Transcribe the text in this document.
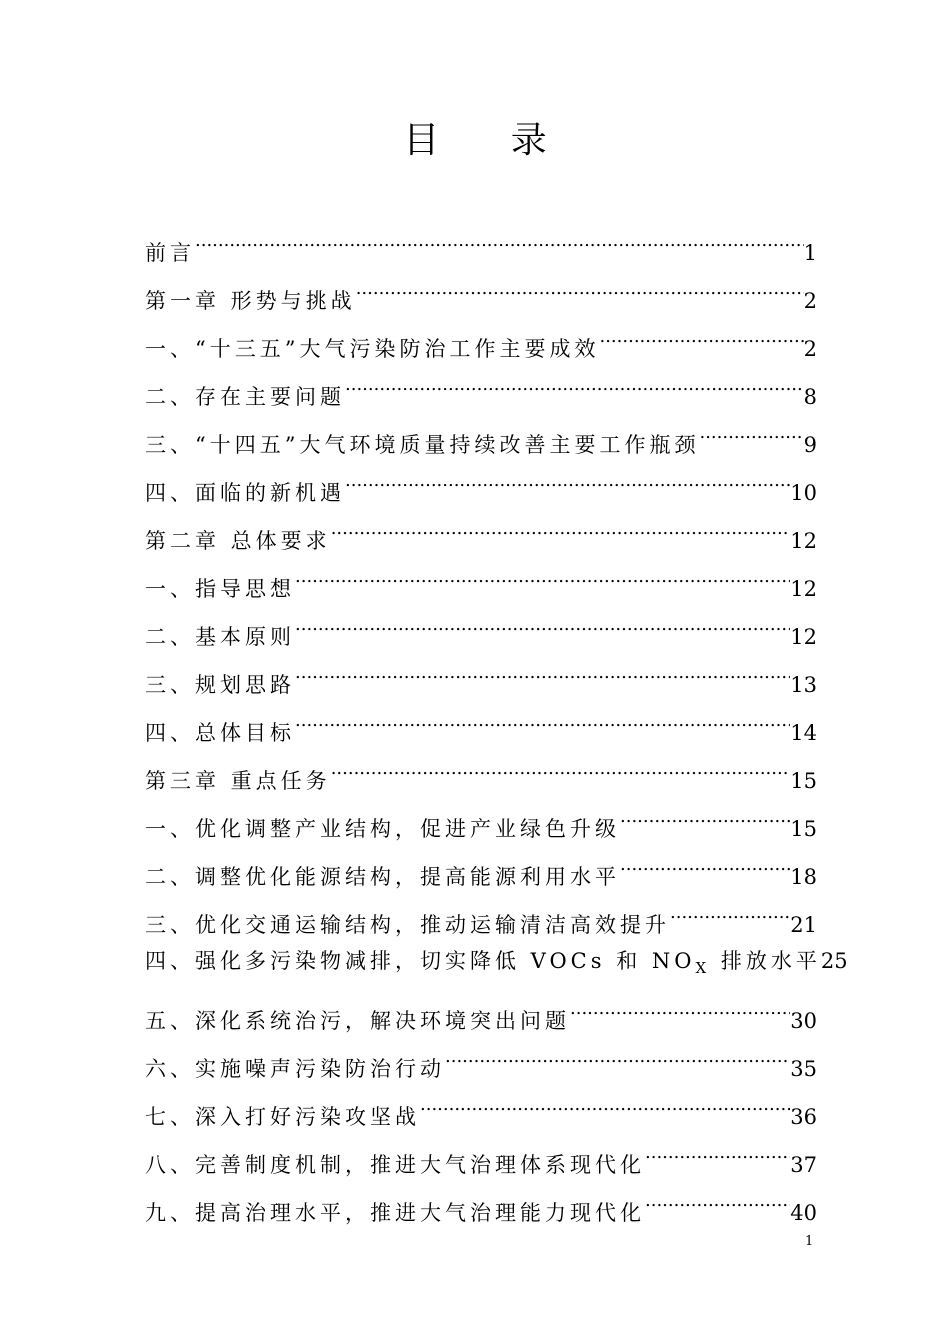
目 录
前言 .....	1
第一章 形势与挑战 .....	2
一、“十三五”大气污染防治工作主要成效 .....	2
二、存在主要问题 .....	8
三、“十四五”大气环境质量持续改善主要工作瓶颈 .....	9
四、面临的新机遇 .....	10
第二章 总体要求 .....	12
一、指导思想 .....	12
二、基本原则 .....	12
三、规划思路 .....	13
四、总体目标 .....	14
第三章 重点任务 .....	15
一、优化调整产业结构，促进产业绿色升级 .....	15
二、调整优化能源结构，提高能源利用水平 .....	18
三、优化交通运输结构，推动运输清洁高效提升 .....	21
四、强化多污染物减排，切实降低 VOCs 和 $NO_X$ 排放水平 25
五、深化系统治污，解决环境突出问题 .....	30
六、实施噪声污染防治行动 .....	35
七、深入打好污染攻坚战 .....	36
八、完善制度机制，推进大气治理体系现代化 .....	37
九、提高治理水平，推进大气治理能力现代化 .....	40
1
